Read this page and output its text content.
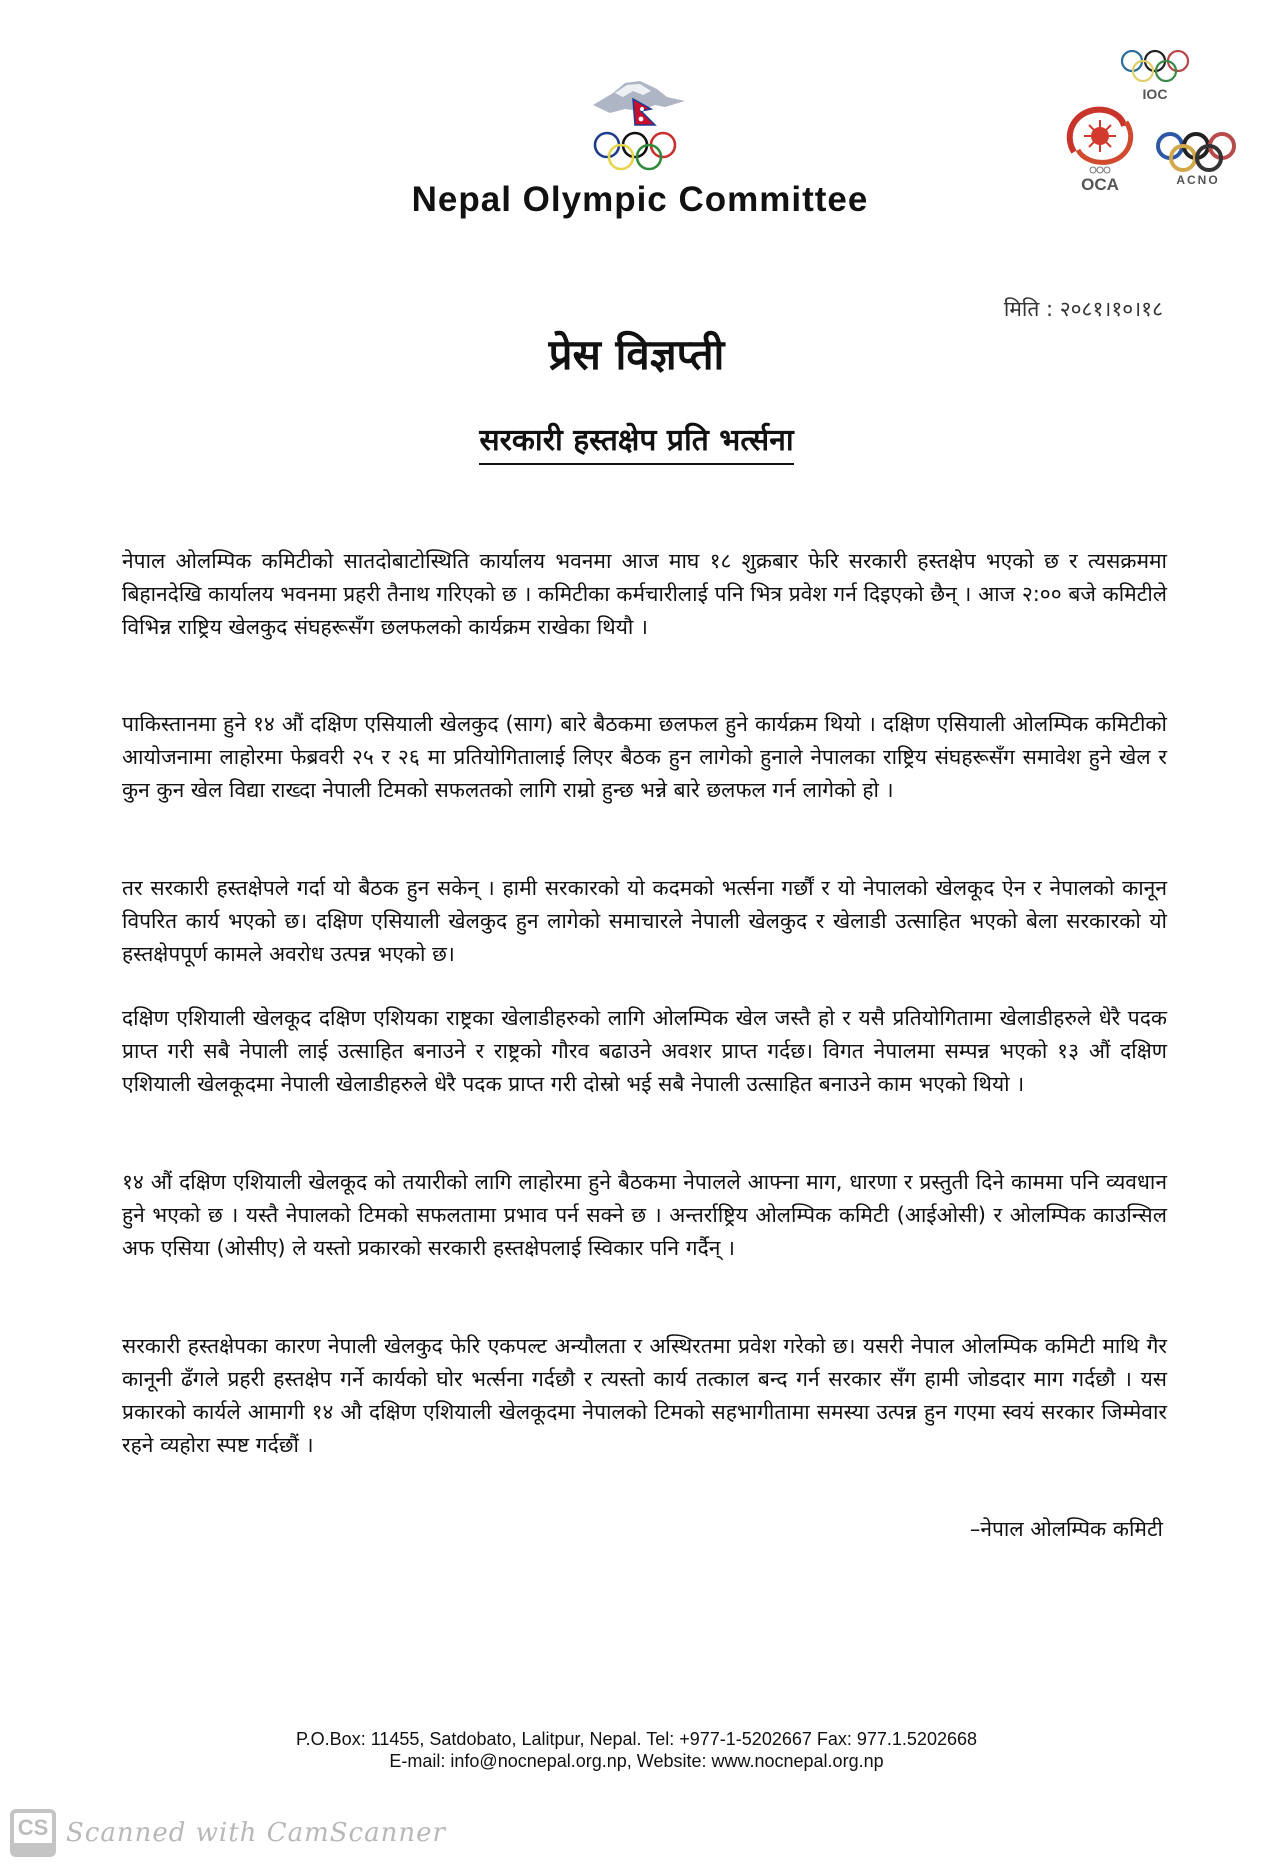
Nepal Olympic Committee
IOC
OCA	ACNO
मिति : २०८१।१०।१८
प्रेस विज्ञप्ती
सरकारी हस्तक्षेप प्रति भर्त्सना
नेपाल ओलम्पिक कमिटीको सातदोबाटोस्थिति कार्यालय भवनमा आज माघ १८ शुक्रबार फेरि सरकारी हस्तक्षेप भएको छ र त्यसक्रममा बिहानदेखि कार्यालय भवनमा प्रहरी तैनाथ गरिएको छ । कमिटीका कर्मचारीलाई पनि भित्र प्रवेश गर्न दिइएको छैन् । आज २:०० बजे कमिटीले विभिन्न राष्ट्रिय खेलकुद संघहरूसँग छलफलको कार्यक्रम राखेका थियौ ।
पाकिस्तानमा हुने १४ औं दक्षिण एसियाली खेलकुद (साग) बारे बैठकमा छलफल हुने कार्यक्रम थियो । दक्षिण एसियाली ओलम्पिक कमिटीको आयोजनामा लाहोरमा फेब्रवरी २५ र २६ मा प्रतियोगितालाई लिएर बैठक हुन लागेको हुनाले नेपालका राष्ट्रिय संघहरूसँग समावेश हुने खेल र कुन कुन खेल विद्या राख्दा नेपाली टिमको सफलतको लागि राम्रो हुन्छ भन्ने बारे छलफल गर्न लागेको हो ।
तर सरकारी हस्तक्षेपले गर्दा यो बैठक हुन सकेन् । हामी सरकारको यो कदमको भर्त्सना गर्छौं र यो नेपालको खेलकूद ऐन र नेपालको कानून विपरित कार्य भएको छ। दक्षिण एसियाली खेलकुद हुन लागेको समाचारले नेपाली खेलकुद र खेलाडी उत्साहित भएको बेला सरकारको यो हस्तक्षेपपूर्ण कामले अवरोध उत्पन्न भएको छ।
दक्षिण एशियाली खेलकूद दक्षिण एशियका राष्ट्रका खेलाडीहरुको लागि ओलम्पिक खेल जस्तै हो र यसै प्रतियोगितामा खेलाडीहरुले धेरै पदक प्राप्त गरी सबै नेपाली लाई उत्साहित बनाउने र राष्ट्रको गौरव बढाउने अवशर प्राप्त गर्दछ। विगत नेपालमा सम्पन्न भएको १३ औं दक्षिण एशियाली खेलकूदमा नेपाली खेलाडीहरुले धेरै पदक प्राप्त गरी दोस्रो भई सबै नेपाली उत्साहित बनाउने काम भएको थियो ।
१४ औं दक्षिण एशियाली खेलकूद को तयारीको लागि लाहोरमा हुने बैठकमा नेपालले आफ्ना माग, धारणा र प्रस्तुती दिने काममा पनि व्यवधान हुने भएको छ । यस्तै नेपालको टिमको सफलतामा प्रभाव पर्न सक्ने छ । अन्तर्राष्ट्रिय ओलम्पिक कमिटी (आईओसी) र ओलम्पिक काउन्सिल अफ एसिया (ओसीए) ले यस्तो प्रकारको सरकारी हस्तक्षेपलाई स्विकार पनि गर्दैन् ।
सरकारी हस्तक्षेपका कारण नेपाली खेलकुद फेरि एकपल्ट अन्यौलता र अस्थिरतमा प्रवेश गरेको छ। यसरी नेपाल ओलम्पिक कमिटी माथि गैर कानूनी ढँगले प्रहरी हस्तक्षेप गर्ने कार्यको घोर भर्त्सना गर्दछौ र त्यस्तो कार्य तत्काल बन्द गर्न सरकार सँग हामी जोडदार माग गर्दछौ । यस प्रकारको कार्यले आमागी १४ औ दक्षिण एशियाली खेलकूदमा नेपालको टिमको सहभागीतामा समस्या उत्पन्न हुन गएमा स्वयं सरकार जिम्मेवार रहने व्यहोरा स्पष्ट गर्दछौं ।
–नेपाल ओलम्पिक कमिटी
P.O.Box: 11455, Satdobato, Lalitpur, Nepal. Tel: +977-1-5202667 Fax: 977.1.5202668
E-mail: info@nocnepal.org.np, Website: www.nocnepal.org.np
CS Scanned with CamScanner
